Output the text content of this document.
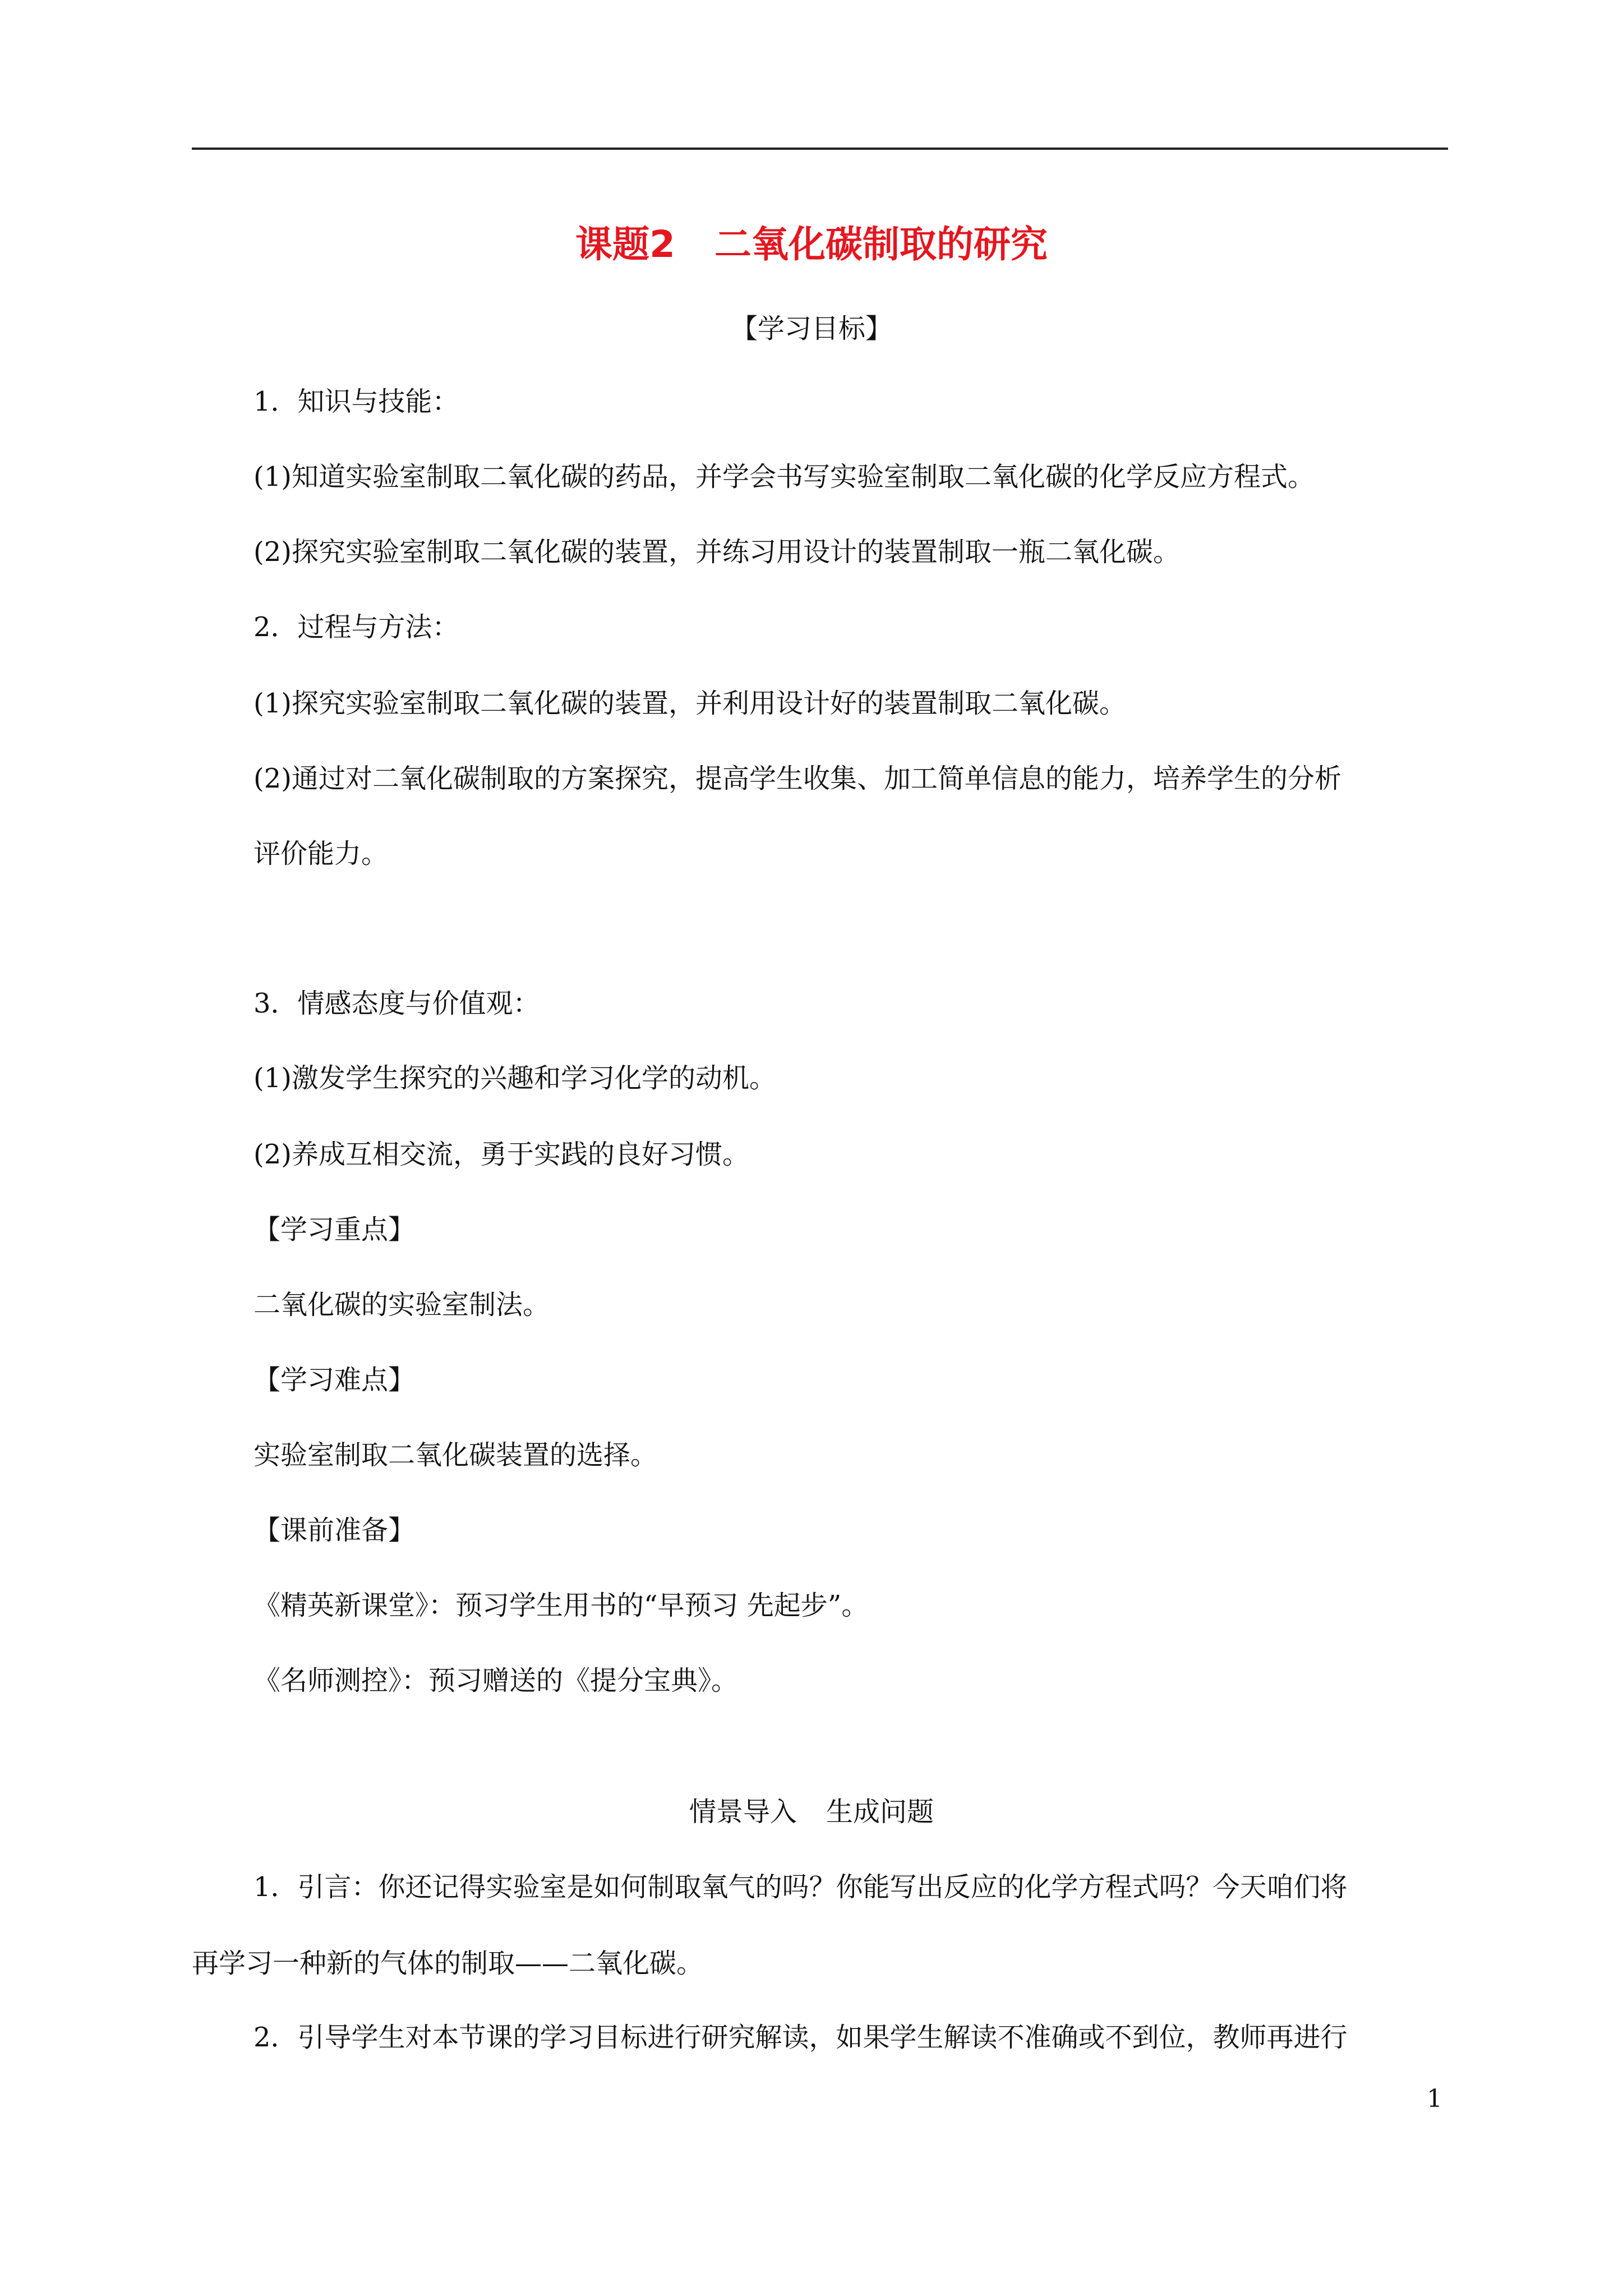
课题2 二氧化碳制取的研究
【学习目标】
1．知识与技能：
(1)知道实验室制取二氧化碳的药品，并学会书写实验室制取二氧化碳的化学反应方程式。
(2)探究实验室制取二氧化碳的装置，并练习用设计的装置制取一瓶二氧化碳。
2．过程与方法：
(1)探究实验室制取二氧化碳的装置，并利用设计好的装置制取二氧化碳。
(2)通过对二氧化碳制取的方案探究，提高学生收集、加工简单信息的能力，培养学生的分析
评价能力。
3．情感态度与价值观：
(1)激发学生探究的兴趣和学习化学的动机。
(2)养成互相交流，勇于实践的良好习惯。
【学习重点】
二氧化碳的实验室制法。
【学习难点】
实验室制取二氧化碳装置的选择。
【课前准备】
《精英新课堂》：预习学生用书的“早预习 先起步”。
《名师测控》：预习赠送的《提分宝典》。
情景导入 生成问题
1．引言：你还记得实验室是如何制取氧气的吗？你能写出反应的化学方程式吗？今天咱们将
再学习一种新的气体的制取——二氧化碳。
2．引导学生对本节课的学习目标进行研究解读，如果学生解读不准确或不到位，教师再进行
1
